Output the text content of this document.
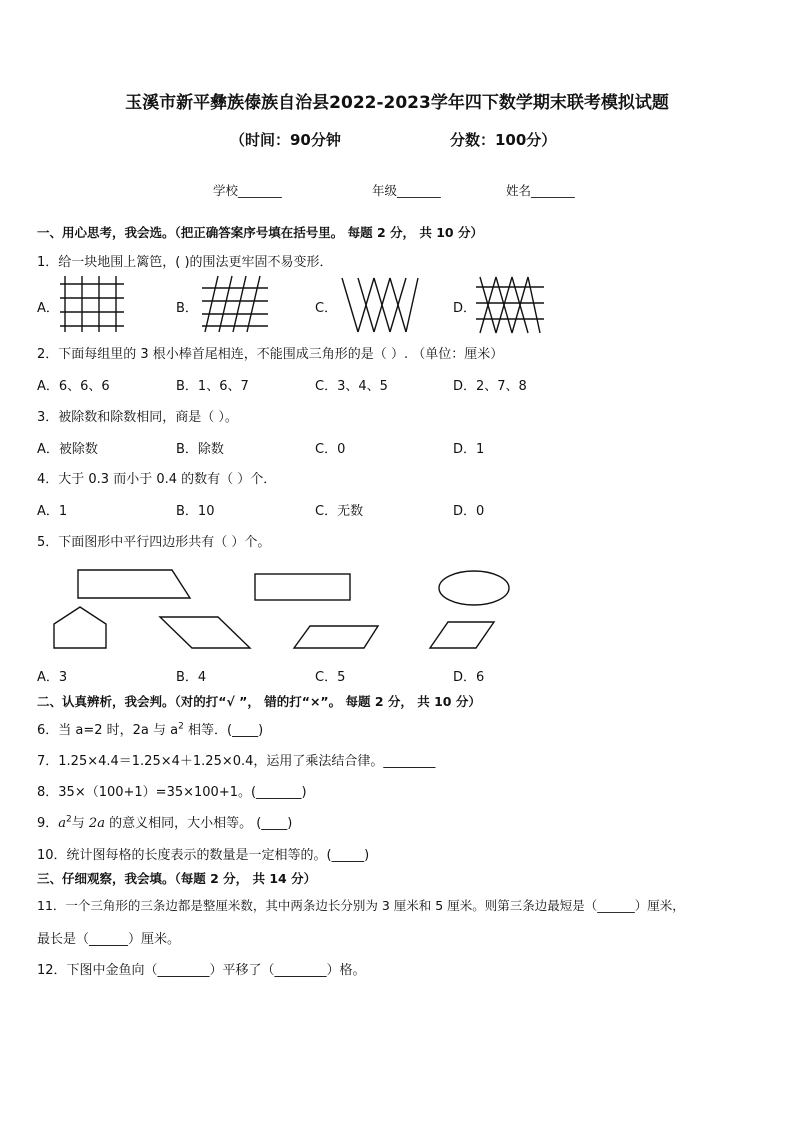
玉溪市新平彝族傣族自治县2022-2023学年四下数学期末联考模拟试题
（时间：90分钟	分数：100分）
学校_______	年级_______	姓名_______
一、用心思考，我会选。（把正确答案序号填在括号里。 每题 2 分， 共 10 分）
1．给一块地围上篱笆，( )的围法更牢固不易变形．
A．	B．	C．	D．
2．下面每组里的 3 根小棒首尾相连，不能围成三角形的是（ ）. （单位：厘米）
A．6、6、6	B．1、6、7	C．3、4、5	D．2、7、8
3．被除数和除数相同，商是（ ）。
A．被除数	B．除数	C．0	D．1
4．大于 0.3 而小于 0.4 的数有（ ）个．
A．1	B．10	C．无数	D．0
5．下面图形中平行四边形共有（ ）个。
A．3	B．4	C．5	D．6
二、认真辨析，我会判。（对的打“√ ”， 错的打“×”。 每题 2 分， 共 10 分）
6．当 a=2 时，2a 与 $a^2$ 相等．(____)
7．1.25×4.4＝1.25×4＋1.25×0.4，运用了乘法结合律。________
8．35×（100+1）=35×100+1。(_______)
9．$a^2$与 2a 的意义相同，大小相等。 (____)
10．统计图每格的长度表示的数量是一定相等的。(_____)
三、仔细观察，我会填。（每题 2 分， 共 14 分）
11．一个三角形的三条边都是整厘米数，其中两条边长分别为 3 厘米和 5 厘米。则第三条边最短是（______）厘米，
最长是（______）厘米。
12．下图中金鱼向（________）平移了（________）格。
